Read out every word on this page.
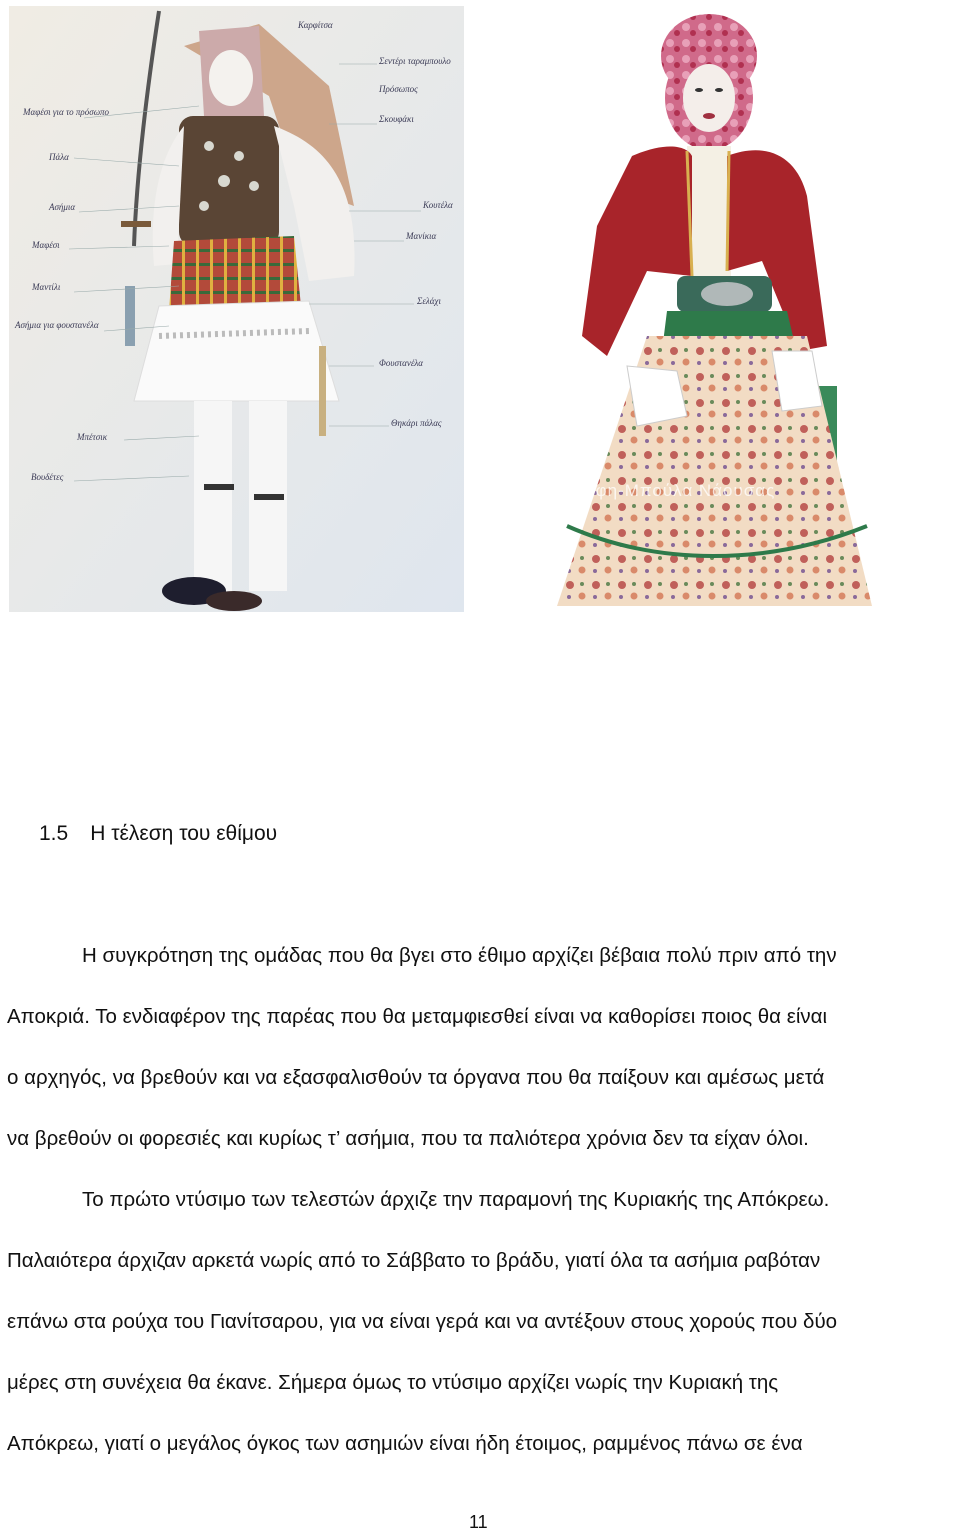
Καρφίτσα
Σεντέρι ταραμπουλο
Πρόσωπος
Σκουφάκι
Μαφέσι για το πρόσωπο
Πάλα
Ασήμια	Κουτέλα
Μανίκια
Μαφέσι
Μαντίλι
Σελάχι
Ασήμια για φουστανέλα
Φουστανέλα
Θηκάρι πάλας
Μπέτσικ
Βουδέτες
Νύφη-Μπούλα Νάουσας
1.5 Η τέλεση του εθίμου
Η συγκρότηση της ομάδας που θα βγει στο έθιμο αρχίζει βέβαια πολύ πριν από την
Αποκριά. Το ενδιαφέρον της παρέας που θα μεταμφιεσθεί είναι να καθορίσει ποιος θα είναι
ο αρχηγός, να βρεθούν και να εξασφαλισθούν τα όργανα που θα παίξουν και αμέσως μετά
να βρεθούν οι φορεσιές και κυρίως τ’ ασήμια, που τα παλιότερα χρόνια δεν τα είχαν όλοι.
Το πρώτο ντύσιμο των τελεστών άρχιζε την παραμονή της Κυριακής της Απόκρεω.
Παλαιότερα άρχιζαν αρκετά νωρίς από το Σάββατο το βράδυ, γιατί όλα τα ασήμια ραβόταν
επάνω στα ρούχα του Γιανίτσαρου, για να είναι γερά και να αντέξουν στους χορούς που δύο
μέρες στη συνέχεια θα έκανε. Σήμερα όμως το ντύσιμο αρχίζει νωρίς την Κυριακή της
Απόκρεω, γιατί ο μεγάλος όγκος των ασημιών είναι ήδη έτοιμος, ραμμένος πάνω σε ένα
11
